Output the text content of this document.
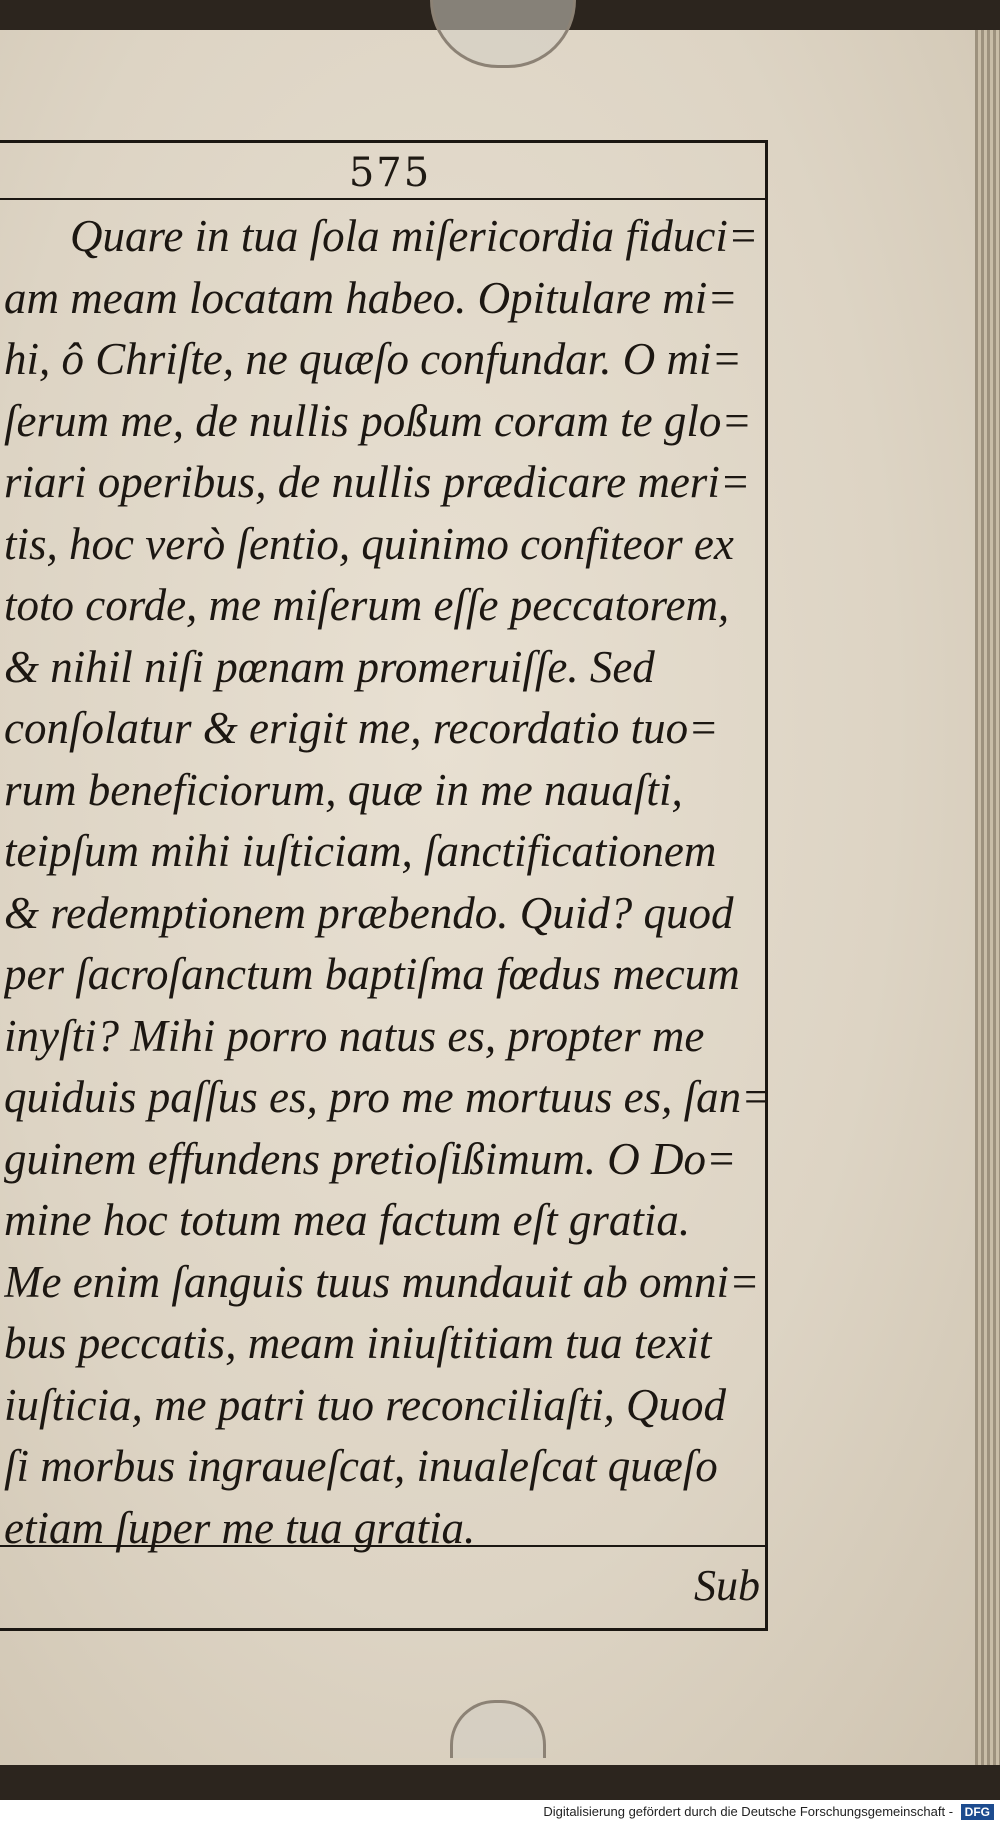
575
Quare in tua ſola miſericordia fiduci=
am meam locatam habeo. Opitulare mi=
hi, ô Chriſte, ne quæſo confundar. O mi=
ſerum me, de nullis poßum coram te glo=
riari operibus, de nullis prædicare meri=
tis, hoc verò ſentio, quinimo confiteor ex
toto corde, me miſerum eſſe peccatorem,
& nihil niſi pœnam promeruiſſe. Sed
conſolatur & erigit me, recordatio tuo=
rum beneficiorum, quæ in me nauaſti,
teipſum mihi iuſticiam, ſanctificationem
& redemptionem præbendo. Quid? quod
per ſacroſanctum baptiſma fœdus mecum
inyſti? Mihi porro natus es, propter me
quiduis paſſus es, pro me mortuus es, ſan=
guinem effundens pretioſißimum. O Do=
mine hoc totum mea factum eſt gratia.
Me enim ſanguis tuus mundauit ab omni=
bus peccatis, meam iniuſtitiam tua texit
iuſticia, me patri tuo reconciliaſti, Quod
ſi morbus ingraueſcat, inualeſcat quæſo
etiam ſuper me tua gratia.
Sub
Digitalisierung gefördert durch die Deutsche Forschungsgemeinschaft - DFG
